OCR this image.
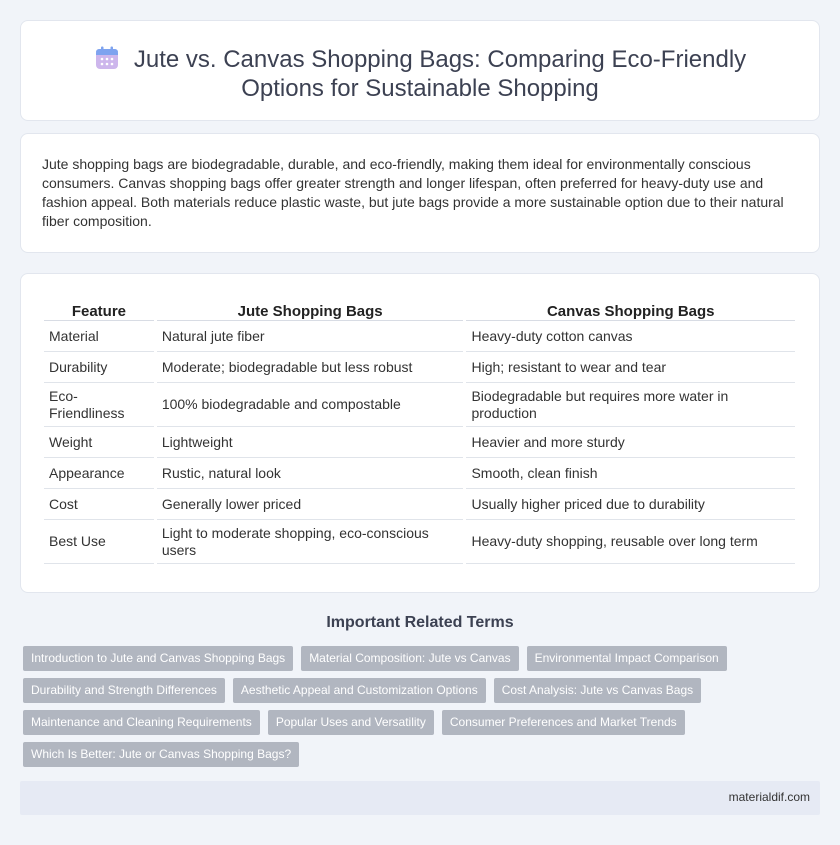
Jute vs. Canvas Shopping Bags: Comparing Eco-Friendly Options for Sustainable Shopping

Jute shopping bags are biodegradable, durable, and eco-friendly, making them ideal for environmentally conscious consumers. Canvas shopping bags offer greater strength and longer lifespan, often preferred for heavy-duty use and fashion appeal. Both materials reduce plastic waste, but jute bags provide a more sustainable option due to their natural fiber composition.

Feature	Jute Shopping Bags	Canvas Shopping Bags
Material	Natural jute fiber	Heavy-duty cotton canvas
Durability	Moderate; biodegradable but less robust	High; resistant to wear and tear
Eco-Friendliness	100% biodegradable and compostable	Biodegradable but requires more water in production
Weight	Lightweight	Heavier and more sturdy
Appearance	Rustic, natural look	Smooth, clean finish
Cost	Generally lower priced	Usually higher priced due to durability
Best Use	Light to moderate shopping, eco-conscious users	Heavy-duty shopping, reusable over long term
Important Related Terms
Introduction to Jute and Canvas Shopping Bags	Material Composition: Jute vs Canvas	Environmental Impact Comparison
Durability and Strength Differences	Aesthetic Appeal and Customization Options	Cost Analysis: Jute vs Canvas Bags
Maintenance and Cleaning Requirements	Popular Uses and Versatility	Consumer Preferences and Market Trends
Which Is Better: Jute or Canvas Shopping Bags?
materialdif.com
